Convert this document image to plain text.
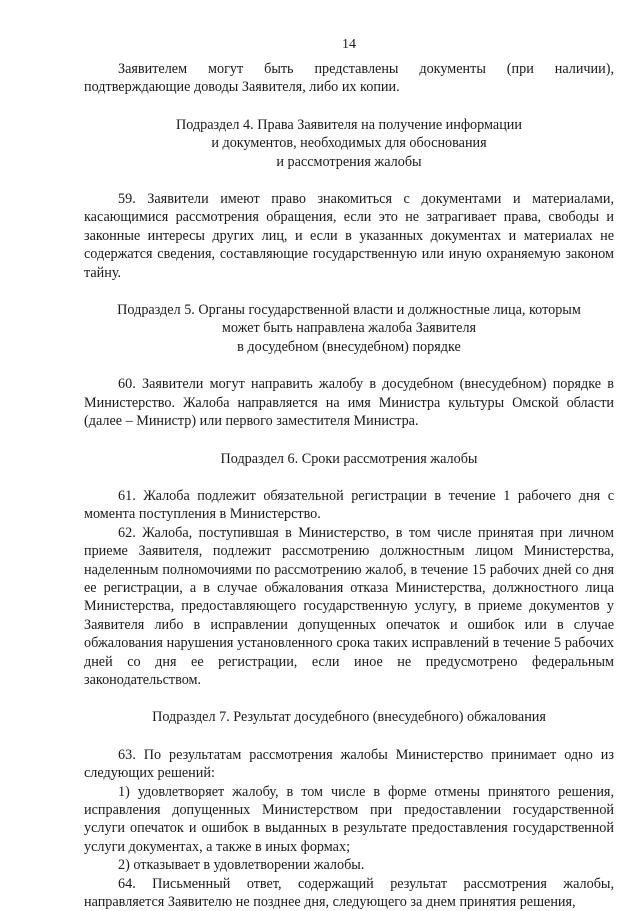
14

Заявителем могут быть представлены документы (при наличии), подтверждающие доводы Заявителя, либо их копии.

Подраздел 4. Права Заявителя на получение информации
и документов, необходимых для обоснования
и рассмотрения жалобы

59. Заявители имеют право знакомиться с документами и материалами, касающимися рассмотрения обращения, если это не затрагивает права, свободы и законные интересы других лиц, и если в указанных документах и материалах не содержатся сведения, составляющие государственную или иную охраняемую законом тайну.

Подраздел 5. Органы государственной власти и должностные лица, которым
может быть направлена жалоба Заявителя
в досудебном (внесудебном) порядке

60. Заявители могут направить жалобу в досудебном (внесудебном) порядке в Министерство. Жалоба направляется на имя Министра культуры Омской области (далее – Министр) или первого заместителя Министра.

Подраздел 6. Сроки рассмотрения жалобы

61. Жалоба подлежит обязательной регистрации в течение 1 рабочего дня с момента поступления в Министерство.

62. Жалоба, поступившая в Министерство, в том числе принятая при личном приеме Заявителя, подлежит рассмотрению должностным лицом Министерства, наделенным полномочиями по рассмотрению жалоб, в течение 15 рабочих дней со дня ее регистрации, а в случае обжалования отказа Министерства, должностного лица Министерства, предоставляющего государственную услугу, в приеме документов у Заявителя либо в исправлении допущенных опечаток и ошибок или в случае обжалования нарушения установленного срока таких исправлений в течение 5 рабочих дней со дня ее регистрации, если иное не предусмотрено федеральным законодательством.

Подраздел 7. Результат досудебного (внесудебного) обжалования

63. По результатам рассмотрения жалобы Министерство принимает одно из следующих решений:

1) удовлетворяет жалобу, в том числе в форме отмены принятого решения, исправления допущенных Министерством при предоставлении государственной услуги опечаток и ошибок в выданных в результате предоставления государственной услуги документах, а также в иных формах;

2) отказывает в удовлетворении жалобы.

64. Письменный ответ, содержащий результат рассмотрения жалобы, направляется Заявителю не позднее дня, следующего за днем принятия решения,
